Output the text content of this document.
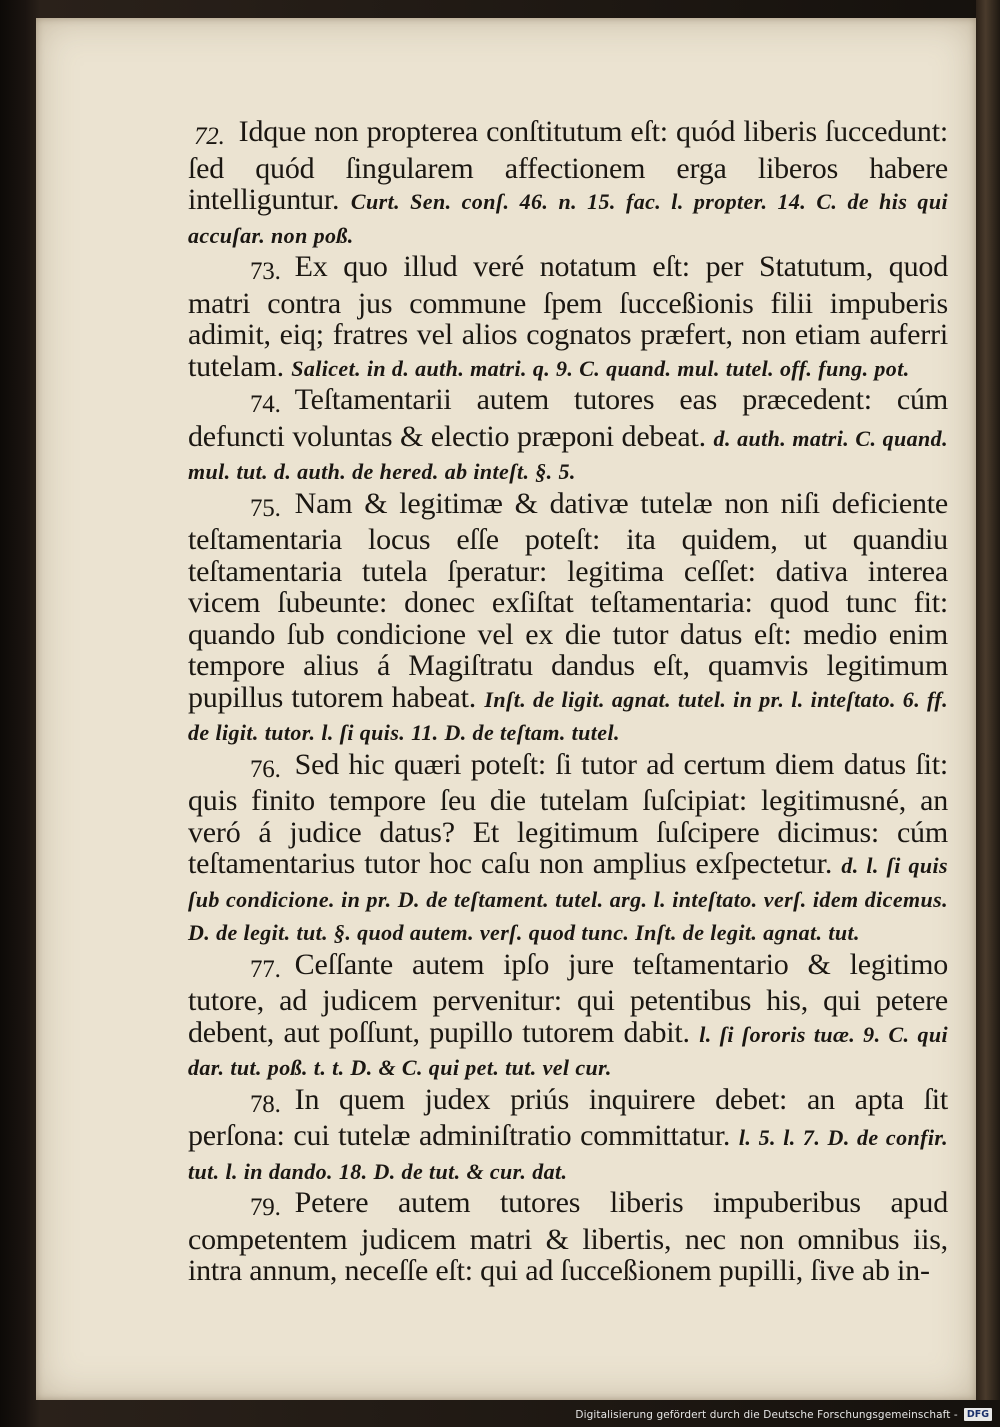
72. Idque non propterea conſtitutum eſt: quód liberis ſuccedunt: ſed quód ſingularem affectionem erga liberos habere intelliguntur. Curt. Sen. conſ. 46. n. 15. fac. l. propter. 14. C. de his qui accuſar. non poß.

73. Ex quo illud veré notatum eſt: per Statutum, quod matri contra jus commune ſpem ſucceßionis filii impuberis adimit, eiq; fratres vel alios cognatos præfert, non etiam auferri tutelam. Salicet. in d. auth. matri. q. 9. C. quand. mul. tutel. off. fung. pot.

74. Teſtamentarii autem tutores eas præcedent: cúm defuncti voluntas & electio præponi debeat. d. auth. matri. C. quand. mul. tut. d. auth. de hered. ab inteſt. §. 5.

75. Nam & legitimæ & dativæ tutelæ non niſi deficiente teſtamentaria locus eſſe poteſt: ita quidem, ut quandiu teſtamentaria tutela ſperatur: legitima ceſſet: dativa interea vicem ſubeunte: donec exſiſtat teſtamentaria: quod tunc fit: quando ſub condicione vel ex die tutor datus eſt: medio enim tempore alius á Magiſtratu dandus eſt, quamvis legitimum pupillus tutorem habeat. Inſt. de ligit. agnat. tutel. in pr. l. inteſtato. 6. ff. de ligit. tutor. l. ſi quis. 11. D. de teſtam. tutel.

76. Sed hic quæri poteſt: ſi tutor ad certum diem datus ſit: quis finito tempore ſeu die tutelam ſuſcipiat: legitimusné, an veró á judice datus? Et legitimum ſuſcipere dicimus: cúm teſtamentarius tutor hoc caſu non amplius exſpectetur. d. l. ſi quis ſub condicione. in pr. D. de teſtament. tutel. arg. l. inteſtato. verſ. idem dicemus. D. de legit. tut. §. quod autem. verſ. quod tunc. Inſt. de legit. agnat. tut.

77. Ceſſante autem ipſo jure teſtamentario & legitimo tutore, ad judicem pervenitur: qui petentibus his, qui petere debent, aut poſſunt, pupillo tutorem dabit. l. ſi ſororis tuæ. 9. C. qui dar. tut. poß. t. t. D. & C. qui pet. tut. vel cur.

78. In quem judex priús inquirere debet: an apta ſit perſona: cui tutelæ adminiſtratio committatur. l. 5. l. 7. D. de confir. tut. l. in dando. 18. D. de tut. & cur. dat.

79. Petere autem tutores liberis impuberibus apud competentem judicem matri & libertis, nec non omnibus iis, intra annum, neceſſe eſt: qui ad ſucceßionem pupilli, ſive ab in-

Digitalisierung gefördert durch die Deutsche Forschungsgemeinschaft - DFG
